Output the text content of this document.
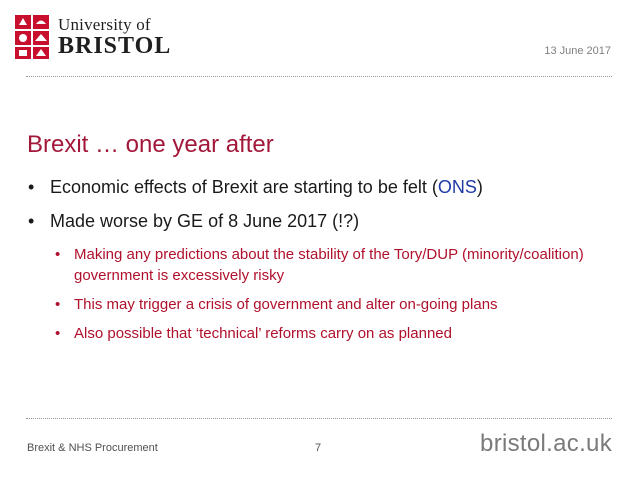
University of
BRISTOL	13 June 2017
Brexit … one year after
• Economic effects of Brexit are starting to be felt (ONS)
• Made worse by GE of 8 June 2017 (!?)
• Making any predictions about the stability of the Tory/DUP (minority/coalition) government is excessively risky
• This may trigger a crisis of government and alter on-going plans
• Also possible that ‘technical’ reforms carry on as planned
Brexit & NHS Procurement	7	bristol.ac.uk
